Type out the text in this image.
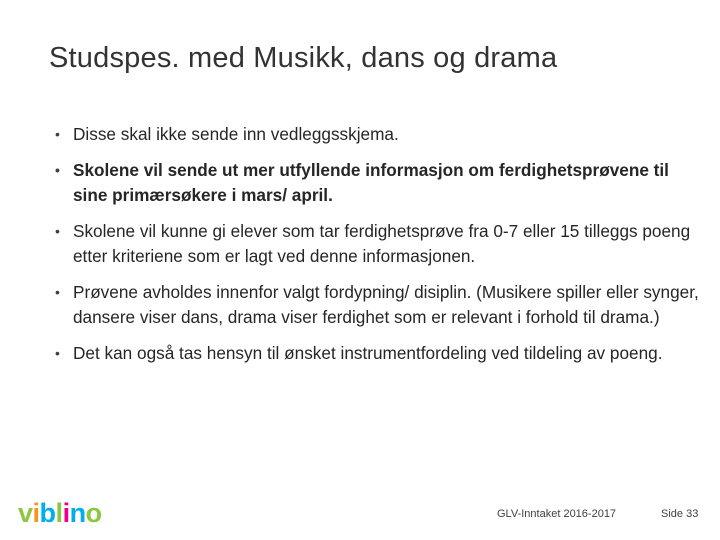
Studspes. med Musikk, dans og drama
• Disse skal ikke sende inn vedleggsskjema.
• Skolene vil sende ut mer utfyllende informasjon om ferdighetsprøvene til sine primærsøkere i mars/ april.
• Skolene vil kunne gi elever som tar ferdighetsprøve fra 0-7 eller 15 tilleggs poeng etter kriteriene som er lagt ved denne informasjonen.
• Prøvene avholdes innenfor valgt fordypning/ disiplin. (Musikere spiller eller synger, dansere viser dans, drama viser ferdighet som er relevant i forhold til drama.)
• Det kan også tas hensyn til ønsket instrumentfordeling ved tildeling av poeng.
viblino	GLV-Inntaket 2016-2017	Side 33
